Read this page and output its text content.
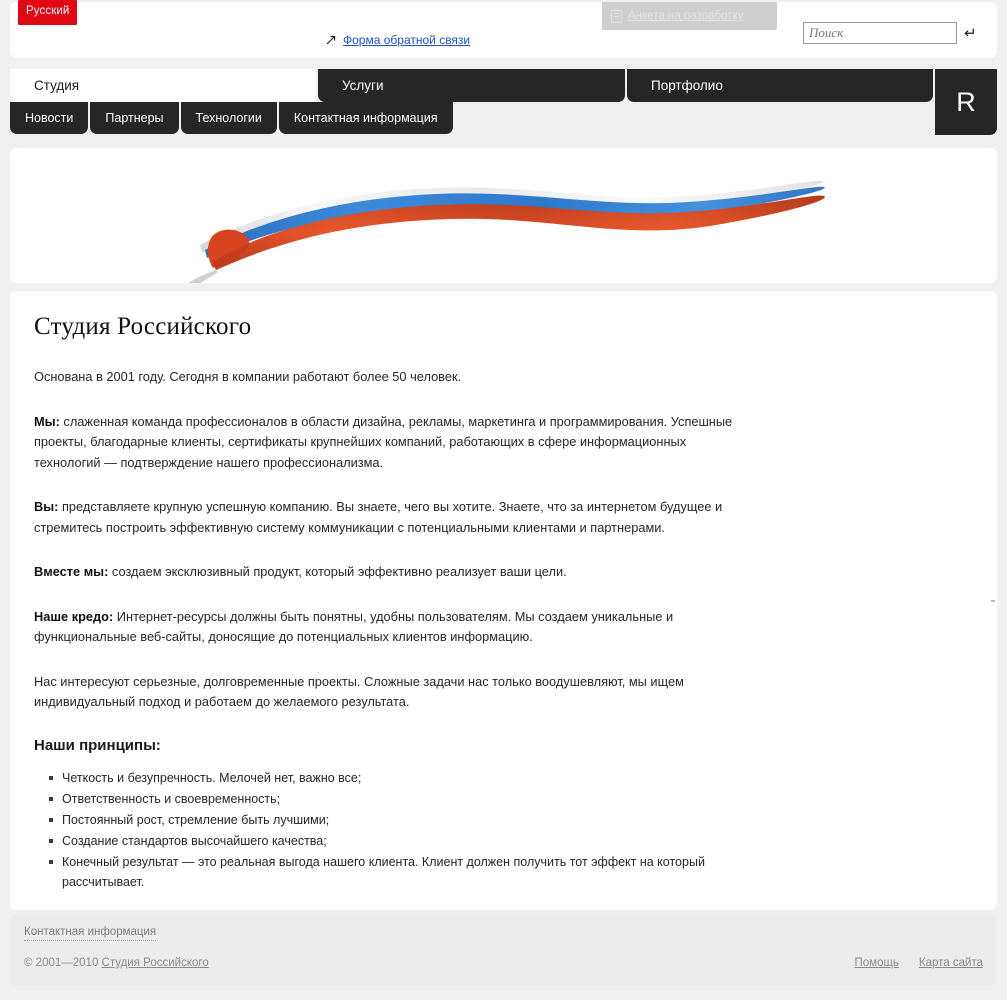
Русский	Анкета на разработку
Форма обратной связи
Поиск	↵
Студия	Услуги	Портфолио
R
Новости	Партнеры	Технологии	Контактная информация
Студия Российского

Основана в 2001 году. Сегодня в компании работают более 50 человек.

Мы: слаженная команда профессионалов в области дизайна, рекламы, маркетинга и программирования. Успешные проекты, благодарные клиенты, сертификаты крупнейших компаний, работающих в сфере информационных технологий — подтверждение нашего профессионализма.

Вы: представляете крупную успешную компанию. Вы знаете, чего вы хотите. Знаете, что за интернетом будущее и стремитесь построить эффективную систему коммуникации с потенциальными клиентами и партнерами.

Вместе мы: создаем эксклюзивный продукт, который эффективно реализует ваши цели.

Наше кредо: Интернет-ресурсы должны быть понятны, удобны пользователям. Мы создаем уникальные и функциональные веб-сайты, доносящие до потенциальных клиентов информацию.

Нас интересуют серьезные, долговременные проекты. Сложные задачи нас только воодушевляют, мы ищем индивидуальный подход и работаем до желаемого результата.

Наши принципы:
Четкость и безупречность. Мелочей нет, важно все;
Ответственность и своевременность;
Постоянный рост, стремление быть лучшими;
Создание стандартов высочайшего качества;
Конечный результат — это реальная выгода нашего клиента. Клиент должен получить тот эффект на который рассчитывает.

Контактная информация
© 2001—2010 Студия Российского	Помощь Карта сайта
